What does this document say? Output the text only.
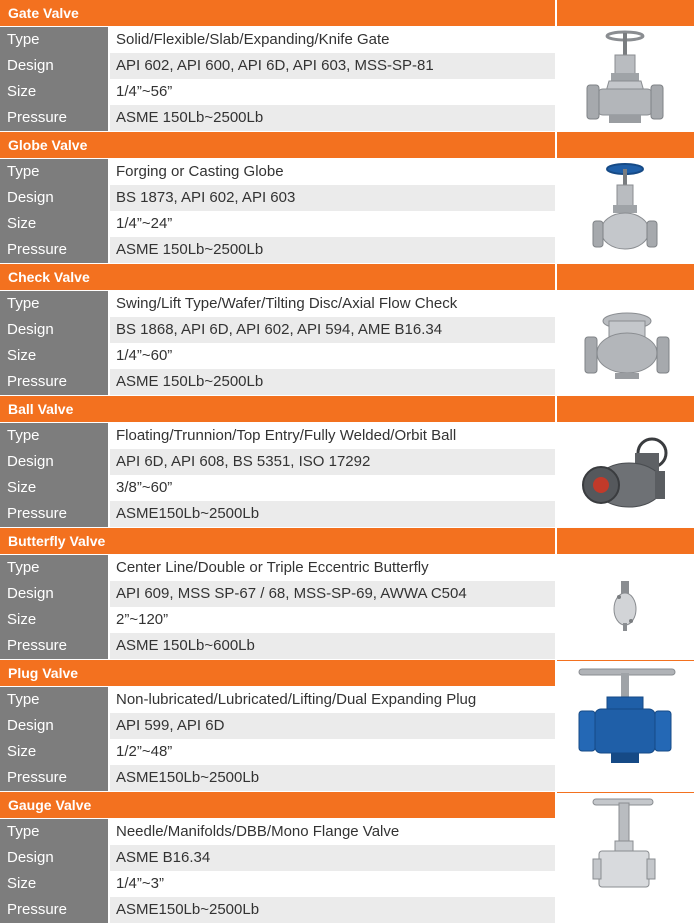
Gate Valve
Type	Solid/Flexible/Slab/Expanding/Knife Gate
Design	API 602, API 600, API 6D, API 603, MSS-SP-81
Size	1/4”~56”
Pressure	ASME 150Lb~2500Lb
Globe Valve
Type	Forging or Casting Globe
Design	BS 1873, API 602, API 603
Size	1/4”~24”
Pressure	ASME 150Lb~2500Lb
Check Valve
Type	Swing/Lift Type/Wafer/Tilting Disc/Axial Flow Check
Design	BS 1868, API 6D, API 602, API 594, AME B16.34
Size	1/4”~60”
Pressure	ASME 150Lb~2500Lb
Ball Valve
Type	Floating/Trunnion/Top Entry/Fully Welded/Orbit Ball
Design	API 6D, API 608, BS 5351, ISO 17292
Size	3/8”~60”
Pressure	ASME150Lb~2500Lb
Butterfly Valve
Type	Center Line/Double or Triple Eccentric Butterfly
Design	API 609, MSS SP-67 / 68, MSS-SP-69, AWWA C504
Size	2”~120”
Pressure	ASME 150Lb~600Lb
Plug Valve
Type	Non-lubricated/Lubricated/Lifting/Dual Expanding Plug
Design	API 599, API 6D
Size	1/2”~48”
Pressure	ASME150Lb~2500Lb
Gauge Valve
Type	Needle/Manifolds/DBB/Mono Flange Valve
Design	ASME B16.34
Size	1/4”~3”
Pressure	ASME150Lb~2500Lb
